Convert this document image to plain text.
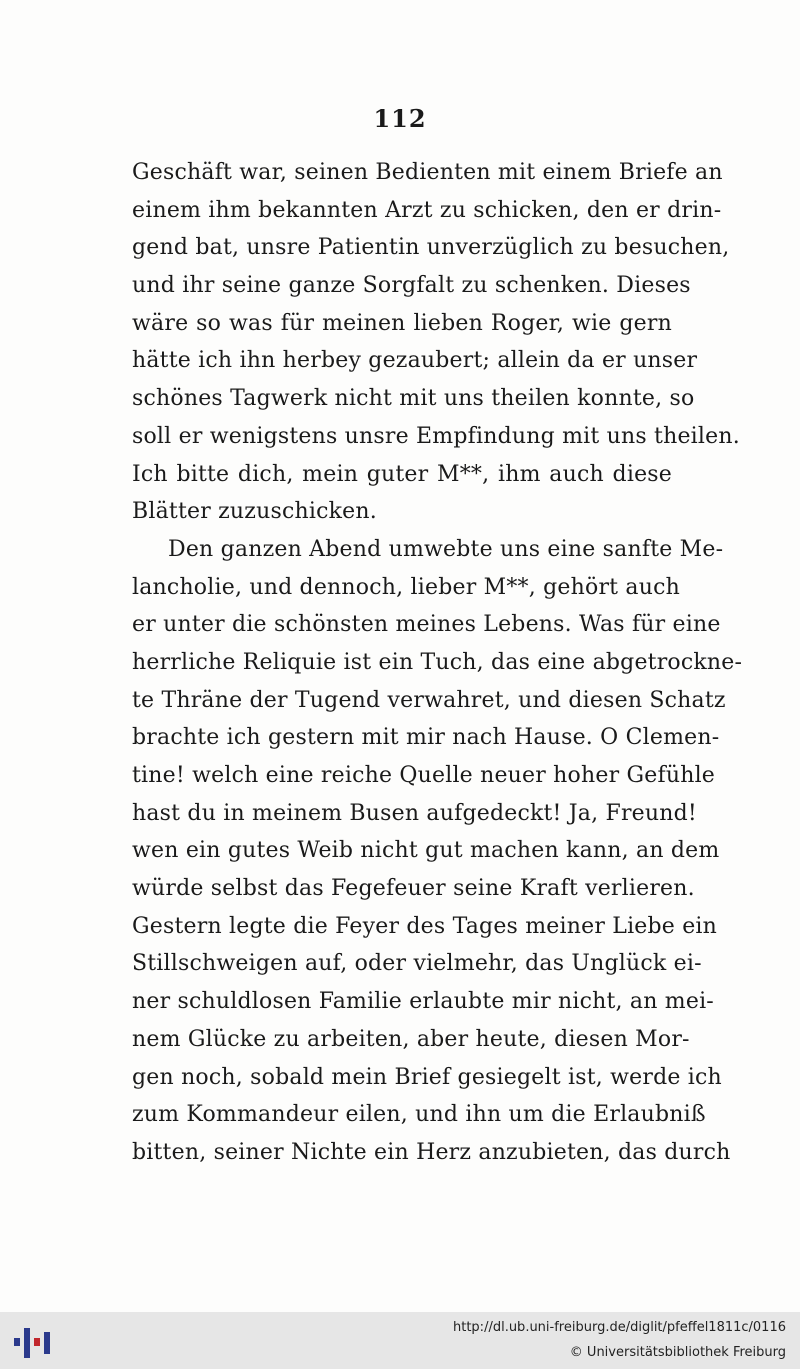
112
Geschäft war, seinen Bedienten mit einem Briefe an
einem ihm bekannten Arzt zu schicken, den er drin-
gend bat, unsre Patientin unverzüglich zu besuchen,
und ihr seine ganze Sorgfalt zu schenken. Dieses
wäre so was für meinen lieben Roger, wie gern
hätte ich ihn herbey gezaubert; allein da er unser
schönes Tagwerk nicht mit uns theilen konnte, so
soll er wenigstens unsre Empfindung mit uns theilen.
Ich bitte dich, mein guter M**, ihm auch diese
Blätter zuzuschicken.
Den ganzen Abend umwebte uns eine sanfte Me-
lancholie, und dennoch, lieber M**, gehört auch
er unter die schönsten meines Lebens. Was für eine
herrliche Reliquie ist ein Tuch, das eine abgetrockne-
te Thräne der Tugend verwahret, und diesen Schatz
brachte ich gestern mit mir nach Hause. O Clemen-
tine! welch eine reiche Quelle neuer hoher Gefühle
hast du in meinem Busen aufgedeckt! Ja, Freund!
wen ein gutes Weib nicht gut machen kann, an dem
würde selbst das Fegefeuer seine Kraft verlieren.
Gestern legte die Feyer des Tages meiner Liebe ein
Stillschweigen auf, oder vielmehr, das Unglück ei-
ner schuldlosen Familie erlaubte mir nicht, an mei-
nem Glücke zu arbeiten, aber heute, diesen Mor-
gen noch, sobald mein Brief gesiegelt ist, werde ich
zum Kommandeur eilen, und ihn um die Erlaubniß
bitten, seiner Nichte ein Herz anzubieten, das durch
http://dl.ub.uni-freiburg.de/diglit/pfeffel1811c/0116
© Universitätsbibliothek Freiburg
